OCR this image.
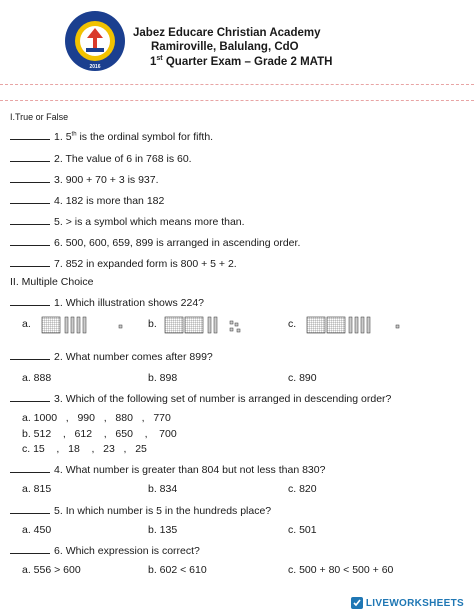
2016
Jabez Educare Christian Academy
Ramiroville, Balulang, CdO
1st Quarter Exam – Grade 2 MATH
I.True or False
1. 5th is the ordinal symbol for fifth.
2. The value of 6 in 768 is 60.
3. 900 + 70 + 3 is 937.
4. 182 is more than 182
5. > is a symbol which means more than.
6. 500, 600, 659, 899 is arranged in ascending order.
7. 852 in expanded form is 800 + 5 + 2.
II. Multiple Choice
1. Which illustration shows 224?
a.	b.	c.
2. What number comes after 899?
a. 888	b. 898	c. 890
3. Which of the following set of number is arranged in descending order?
a. 1000   ,   990   ,   880   ,   770
b. 512    ,   612    ,   650    ,    700
c. 15    ,   18    ,   23   ,   25
4. What number is greater than 804 but not less than 830?
a. 815	b. 834	c. 820
5. In which number is 5 in the hundreds place?
a. 450	b. 135	c. 501
6. Which expression is correct?
a. 556 > 600	b. 602 < 610	c. 500 + 80 < 500 + 60
LIVEWORKSHEETS
